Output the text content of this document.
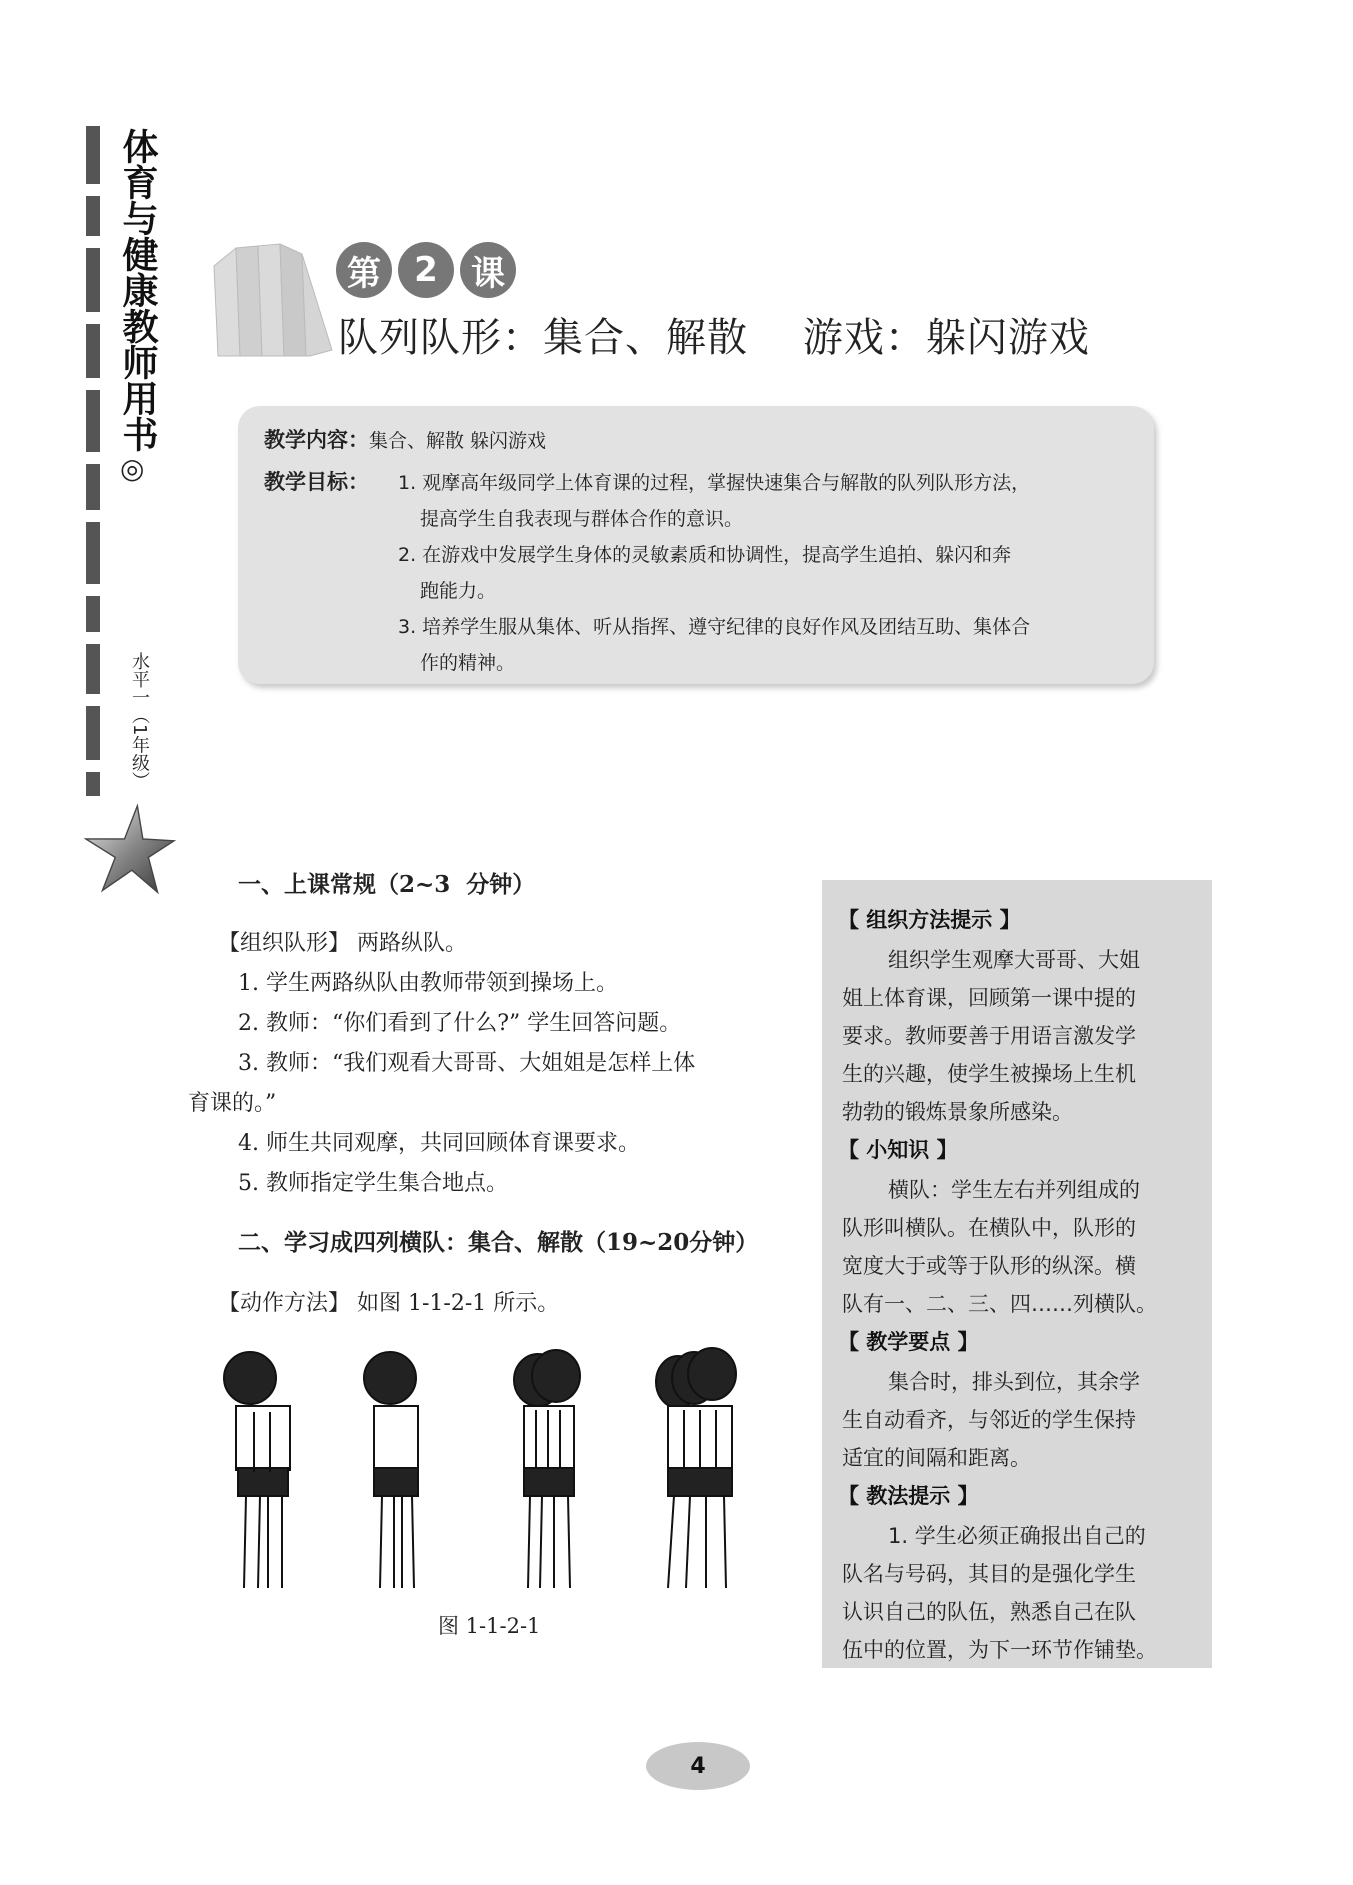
体育与健康教师用书
◎
水平一（1年级）
第 2 课
队列队形：集合、解散    游戏：躲闪游戏
教学内容：集合、解散 躲闪游戏
教学目标： 1. 观摩高年级同学上体育课的过程，掌握快速集合与解散的队列队形方法，
提高学生自我表现与群体合作的意识。
2. 在游戏中发展学生身体的灵敏素质和协调性，提高学生追拍、躲闪和奔
跑能力。
3. 培养学生服从集体、听从指挥、遵守纪律的良好作风及团结互助、集体合
作的精神。
一、上课常规（2~3  分钟）
【组织队形】 两路纵队。
1. 学生两路纵队由教师带领到操场上。
2. 教师：“你们看到了什么?” 学生回答问题。
3. 教师：“我们观看大哥哥、大姐姐是怎样上体
育课的。”
4. 师生共同观摩，共同回顾体育课要求。
5. 教师指定学生集合地点。
二、学习成四列横队：集合、解散（19~20分钟）
【动作方法】 如图 1-1-2-1 所示。
图 1-1-2-1
【 组织方法提示 】
组织学生观摩大哥哥、大姐
姐上体育课，回顾第一课中提的
要求。教师要善于用语言激发学
生的兴趣，使学生被操场上生机
勃勃的锻炼景象所感染。
【 小知识 】
横队：学生左右并列组成的
队形叫横队。在横队中，队形的
宽度大于或等于队形的纵深。横
队有一、二、三、四……列横队。
【 教学要点 】
集合时，排头到位，其余学
生自动看齐，与邻近的学生保持
适宜的间隔和距离。
【 教法提示 】
1. 学生必须正确报出自己的
队名与号码，其目的是强化学生
认识自己的队伍，熟悉自己在队
伍中的位置，为下一环节作铺垫。
4
